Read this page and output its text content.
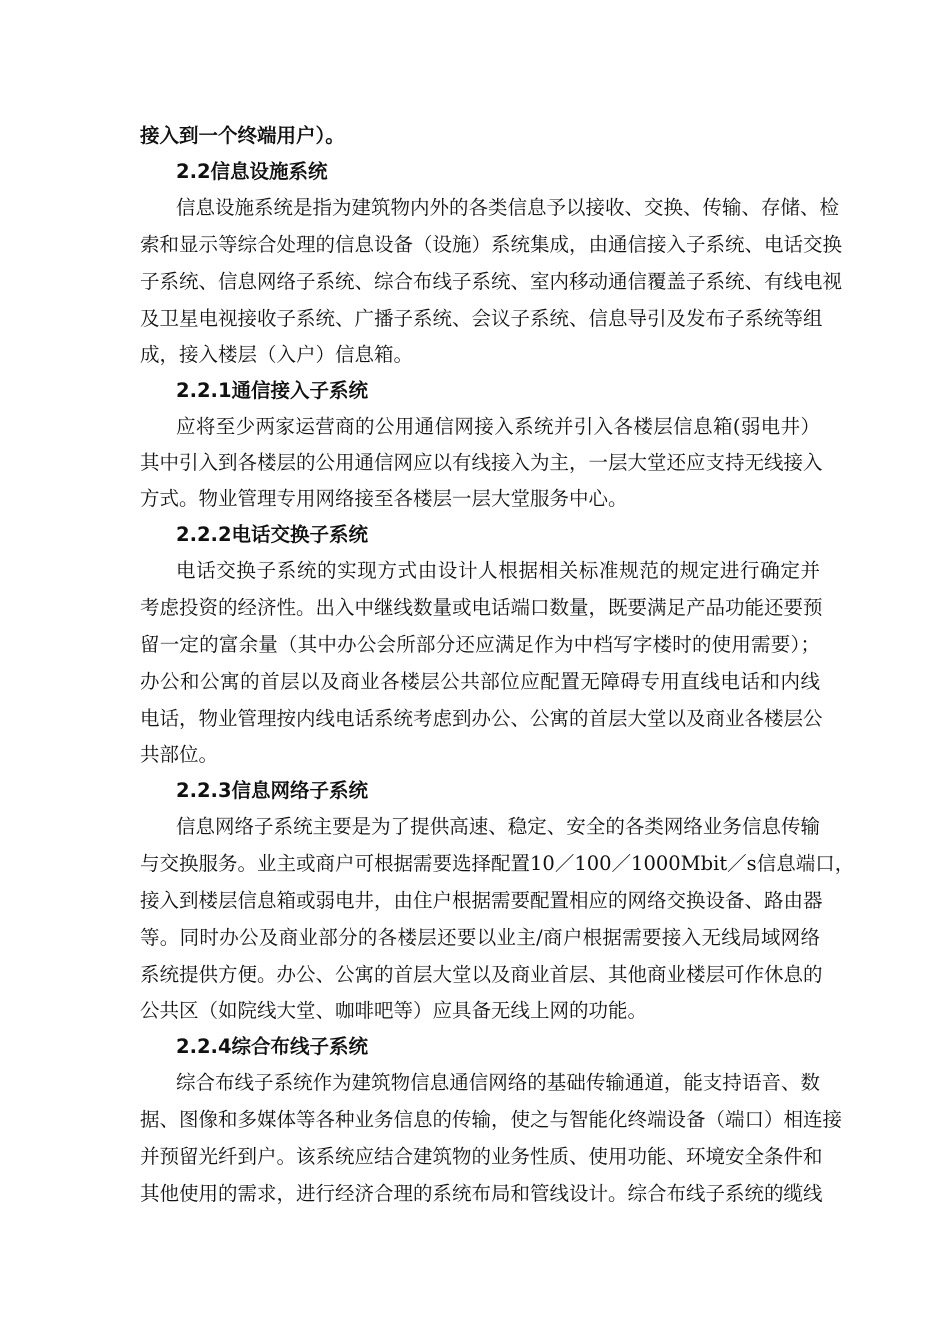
接入到一个终端用户）。
2.2信息设施系统
信息设施系统是指为建筑物内外的各类信息予以接收、交换、传输、存储、检
索和显示等综合处理的信息设备（设施）系统集成，由通信接入子系统、电话交换
子系统、信息网络子系统、综合布线子系统、室内移动通信覆盖子系统、有线电视
及卫星电视接收子系统、广播子系统、会议子系统、信息导引及发布子系统等组
成，接入楼层（入户）信息箱。
2.2.1通信接入子系统
应将至少两家运营商的公用通信网接入系统并引入各楼层信息箱(弱电井）
其中引入到各楼层的公用通信网应以有线接入为主，一层大堂还应支持无线接入
方式。物业管理专用网络接至各楼层一层大堂服务中心。
2.2.2电话交换子系统
电话交换子系统的实现方式由设计人根据相关标准规范的规定进行确定并
考虑投资的经济性。出入中继线数量或电话端口数量，既要满足产品功能还要预
留一定的富余量（其中办公会所部分还应满足作为中档写字楼时的使用需要）；
办公和公寓的首层以及商业各楼层公共部位应配置无障碍专用直线电话和内线
电话，物业管理按内线电话系统考虑到办公、公寓的首层大堂以及商业各楼层公
共部位。
2.2.3信息网络子系统
信息网络子系统主要是为了提供高速、稳定、安全的各类网络业务信息传输
与交换服务。业主或商户可根据需要选择配置10／100／1000Mbit／s信息端口，
接入到楼层信息箱或弱电井，由住户根据需要配置相应的网络交换设备、路由器
等。同时办公及商业部分的各楼层还要以业主/商户根据需要接入无线局域网络
系统提供方便。办公、公寓的首层大堂以及商业首层、其他商业楼层可作休息的
公共区（如院线大堂、咖啡吧等）应具备无线上网的功能。
2.2.4综合布线子系统
综合布线子系统作为建筑物信息通信网络的基础传输通道，能支持语音、数
据、图像和多媒体等各种业务信息的传输，使之与智能化终端设备（端口）相连接
并预留光纤到户。该系统应结合建筑物的业务性质、使用功能、环境安全条件和
其他使用的需求，进行经济合理的系统布局和管线设计。综合布线子系统的缆线
